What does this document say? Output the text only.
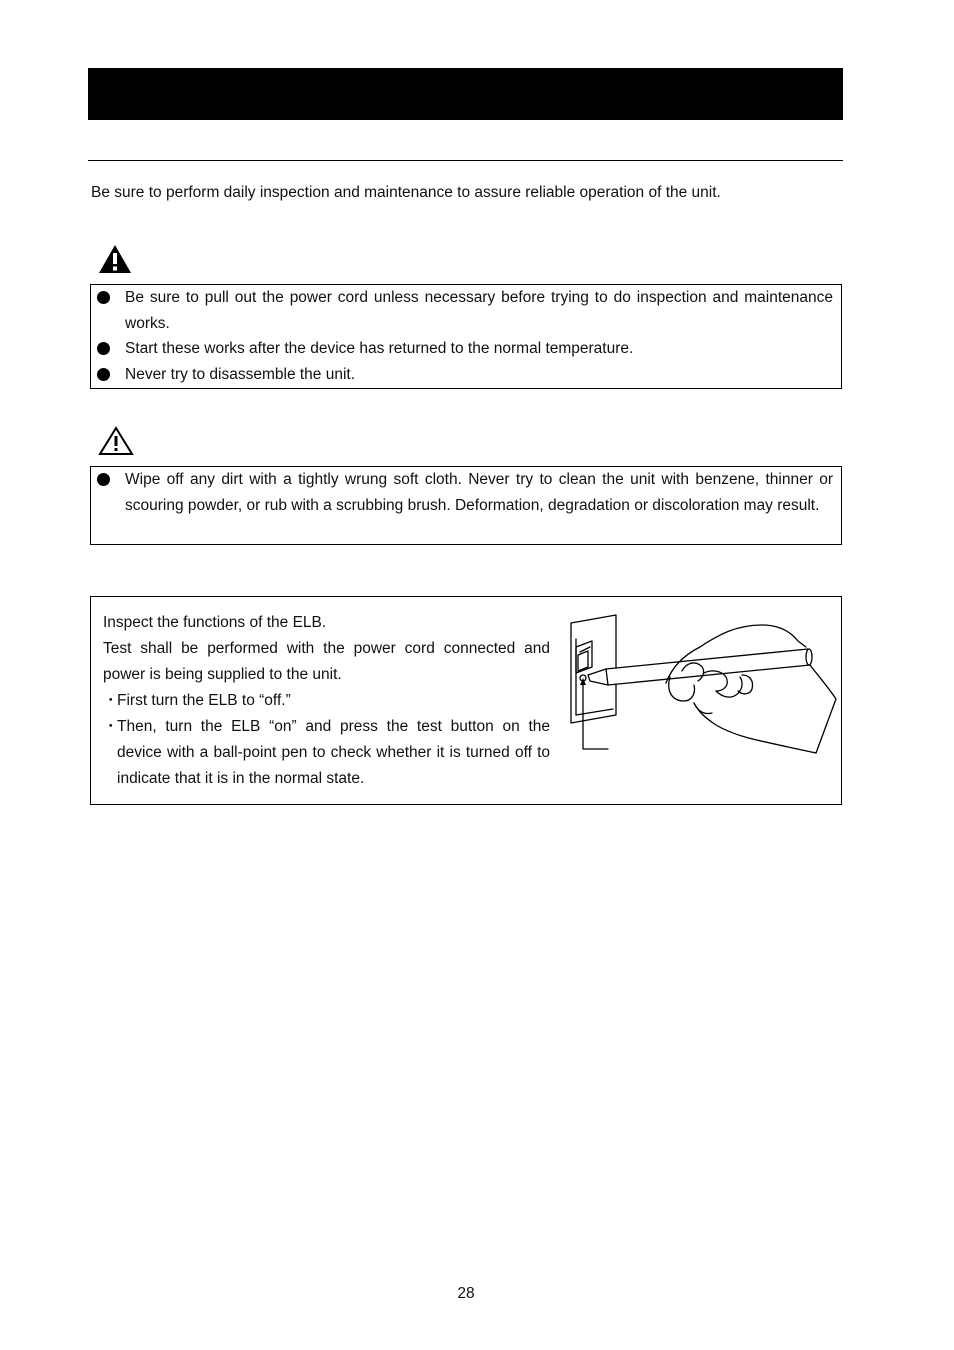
Be sure to perform daily inspection and maintenance to assure reliable operation of the unit.

Be sure to pull out the power cord unless necessary before trying to do inspection and maintenance works.
Start these works after the device has returned to the normal temperature.
Never try to disassemble the unit.
Wipe off any dirt with a tightly wrung soft cloth. Never try to clean the unit with benzene, thinner or scouring powder, or rub with a scrubbing brush. Deformation, degradation or discoloration may result.

Inspect the functions of the ELB.

Test shall be performed with the power cord connected and power is being supplied to the unit.

・
First turn the ELB to “off.”

・
Then, turn the ELB “on” and press the test button on the device with a ball-point pen to check whether it is turned off to indicate that it is in the normal state.

28
